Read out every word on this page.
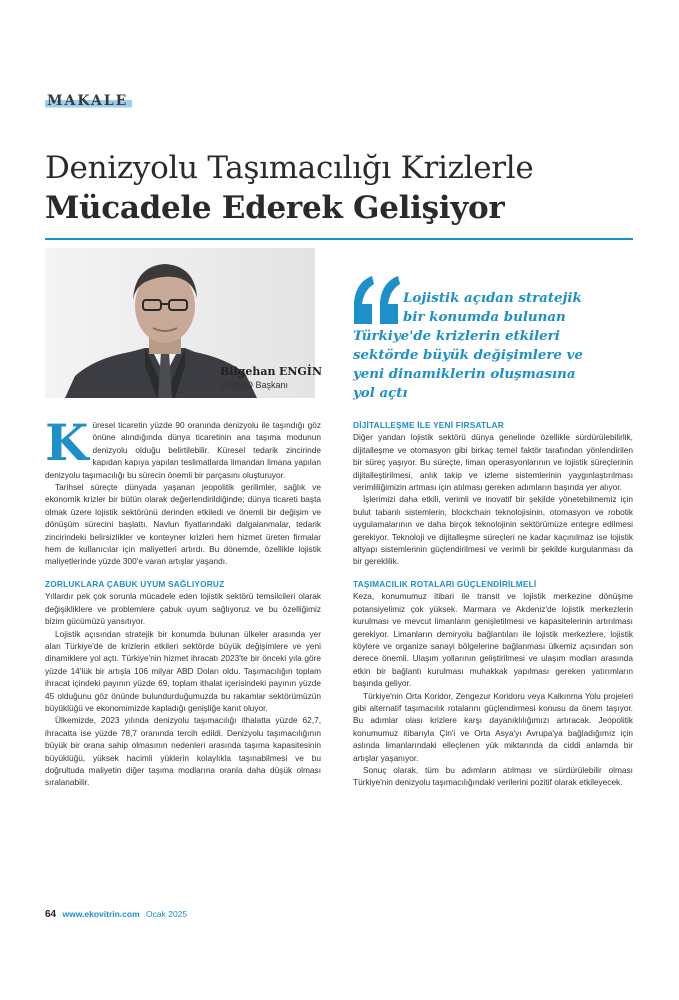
MAKALE
Denizyolu Taşımacılığı Krizlerle
Mücadele Ederek Gelişiyor
Bilgehan ENGİN
UTİKAD Başkanı
Lojistik açıdan stratejik
bir konumda bulunan
Türkiye'de krizlerin etkileri
sektörde büyük değişimlere ve
yeni dinamiklerin oluşmasına
yol açtı
K üresel ticaretin yüzde 90 oranında denizyolu ile taşındığı göz önüne alındığında dünya ticaretinin ana taşıma modunun denizyolu olduğu belirtilebilir. Küresel tedarik zincirinde kapıdan kapıya yapılan teslimatlarda limandan limana yapılan denizyolu taşımacılığı bu sürecin önemli bir parçasını oluşturuyor.

Tarihsel süreçte dünyada yaşanan jeopolitik gerilimler, sağlık ve ekonomik krizler bir bütün olarak değerlendirildiğinde; dünya ticareti başta olmak üzere lojistik sektörünü derinden etkiledi ve önemli bir değişim ve dönüşüm sürecini başlattı. Navlun fiyatlarındaki dalgalanmalar, tedarik zincirindeki belirsizlikler ve konteyner krizleri hem hizmet üreten firmalar hem de kullanıcılar için maliyetleri artırdı. Bu dönemde, özellikle lojistik maliyetlerinde yüzde 300'e varan artışlar yaşandı.

ZORLUKLARA ÇABUK UYUM SAĞLIYORUZ

Yıllardır pek çok sorunla mücadele eden lojistik sektörü temsilcileri olarak değişikliklere ve problemlere çabuk uyum sağlıyoruz ve bu özelliğimiz bizim gücümüzü yansıtıyor.

Lojistik açısından stratejik bir konumda bulunan ülkeler arasında yer alan Türkiye'de de krizlerin etkileri sektörde büyük değişimlere ve yeni dinamiklere yol açtı. Türkiye'nin hizmet ihracatı 2023'te bir önceki yıla göre yüzde 14'lük bir artışla 106 milyar ABD Doları oldu. Taşımacılığın toplam ihracat içindeki payının yüzde 69, toplam ithalat içerisindeki payının yüzde 45 olduğunu göz önünde bulundurduğumuzda bu rakamlar sektörümüzün büyüklüğü ve ekonomimizde kapladığı genişliğe kanıt oluyor.

Ülkemizde, 2023 yılında denizyolu taşımacılığı ithalatta yüzde 62,7, ihracatta ise yüzde 78,7 oranında tercih edildi. Denizyolu taşımacılığının büyük bir orana sahip olmasının nedenleri arasında taşıma kapasitesinin büyüklüğü, yüksek hacimli yüklerin kolaylıkla taşınabilmesi ve bu doğrultuda maliyetin diğer taşıma modlarına oranla daha düşük olması sıralanabilir.

DİJİTALLEŞME İLE YENİ FIRSATLAR

Diğer yandan lojistik sektörü dünya genelinde özellikle sürdürülebilirlik, dijitalleşme ve otomasyon gibi birkaç temel faktör tarafından yönlendirilen bir süreç yaşıyor. Bu süreçte, liman operasyonlarının ve lojistik süreçlerinin dijitalleştirilmesi, anlık takip ve izleme sistemlerinin yaygınlaştırılması verimliliğimizin artması için atılması gereken adımların başında yer alıyor.

İşlerimizi daha etkili, verimli ve inovatif bir şekilde yönetebilmemiz için bulut tabanlı sistemlerin, blockchain teknolojisinin, otomasyon ve robotik uygulamalarının ve daha birçok teknolojinin sektörümüze entegre edilmesi gerekiyor. Teknoloji ve dijitalleşme süreçleri ne kadar kaçınılmaz ise lojistik altyapı sistemlerinin güçlendirilmesi ve verimli bir şekilde kurgulanması da bir gereklilik.

TAŞIMACILIK ROTALARI GÜÇLENDİRİLMELİ

Keza, konumumuz itibari ile transit ve lojistik merkezine dönüşme potansiyelimiz çok yüksek. Marmara ve Akdeniz'de lojistik merkezlerin kurulması ve mevcut limanların genişletilmesi ve kapasitelerinin artırılması gerekiyor. Limanların demiryolu bağlantıları ile lojistik merkezlere, lojistik köylere ve organize sanayi bölgelerine bağlanması ülkemiz açısından son derece önemli. Ulaşım yollarının geliştirilmesi ve ulaşım modları arasında etkin bir bağlantı kurulması muhakkak yapılması gereken yatırımların başında geliyor.

Türkiye'nin Orta Koridor, Zengezur Koridoru veya Kalkınma Yolu projeleri gibi alternatif taşımacılık rotalarını güçlendirmesi konusu da önem taşıyor. Bu adımlar olası krizlere karşı dayanıklılığımızı artıracak. Jeopolitik konumumuz itibarıyla Çin'i ve Orta Asya'yı Avrupa'ya bağladığımız için aslında limanlarındaki elleçlenen yük miktarında da ciddi anlamda bir artışlar yaşanıyor.

Sonuç olarak, tüm bu adımların atılması ve sürdürülebilir olması Türkiye'nin denizyolu taşımacılığındaki verilerini pozitif olarak etkileyecek.

64 www.ekovitrin.com Ocak 2025
